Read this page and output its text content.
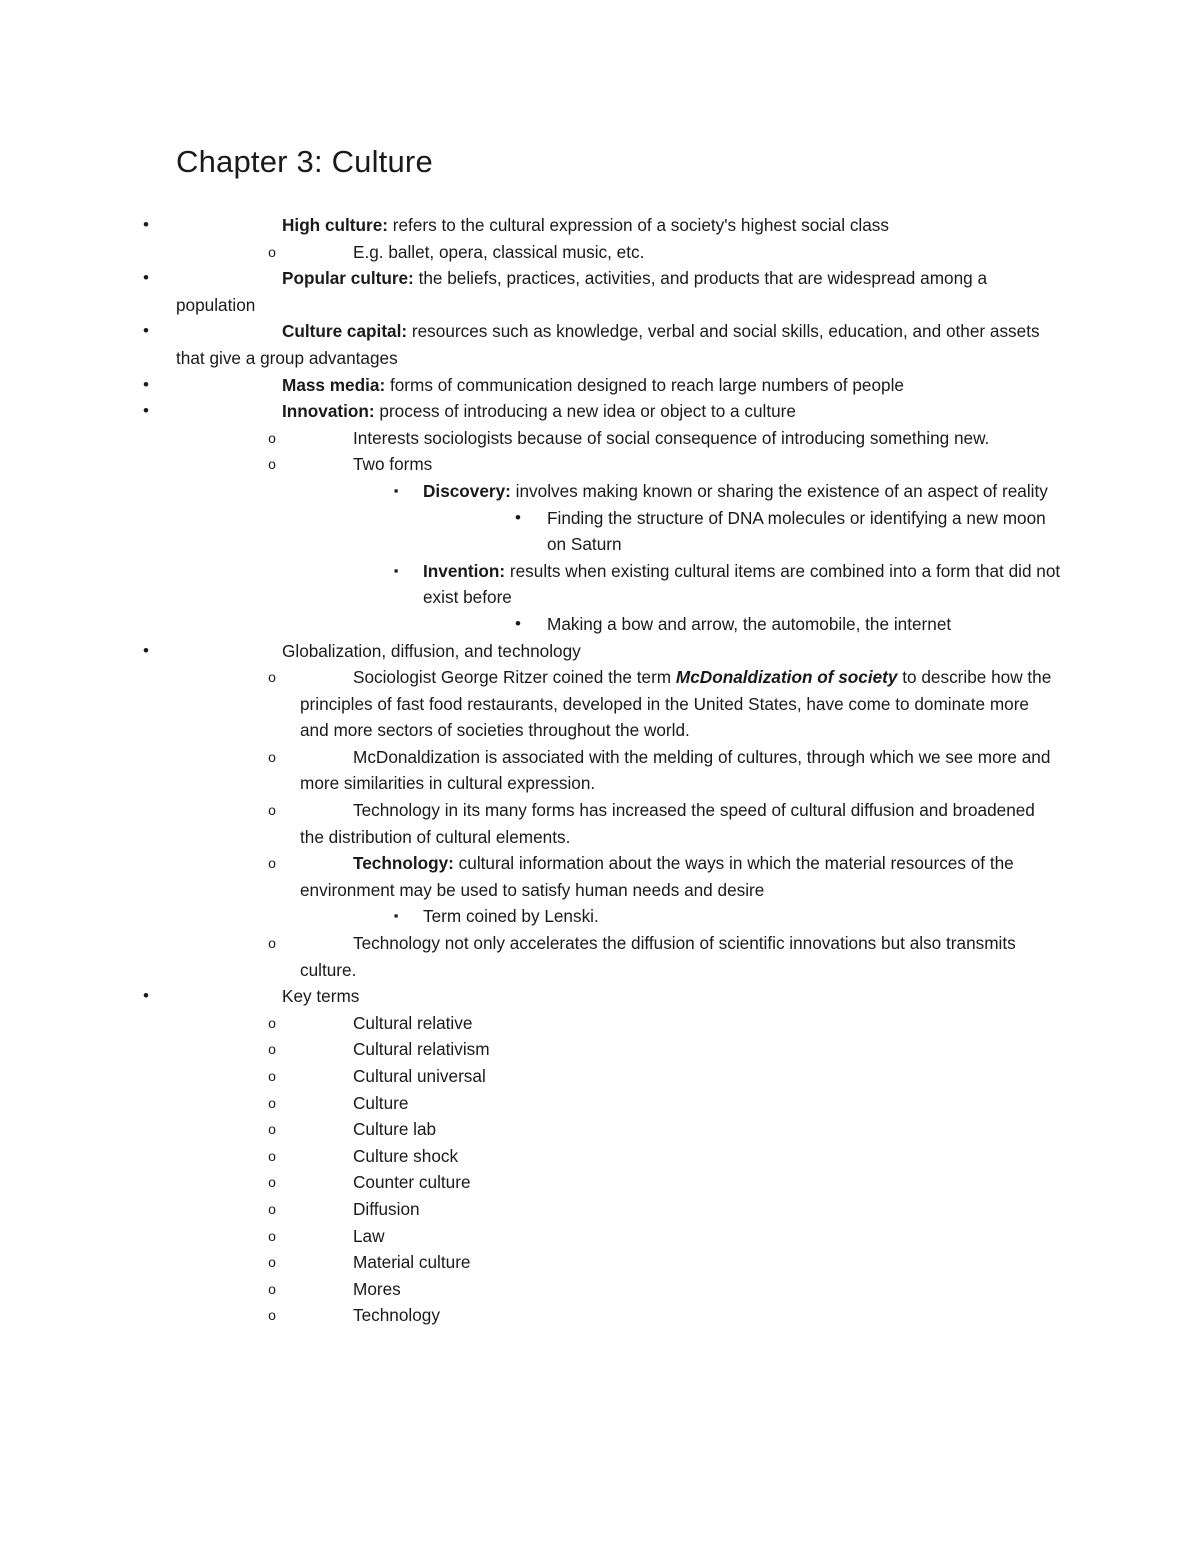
Chapter 3: Culture
•	High culture: refers to the cultural expression of a society's highest social class
o	E.g. ballet, opera, classical music, etc.
•	Popular culture: the beliefs, practices, activities, and products that are widespread among a population
•	Culture capital: resources such as knowledge, verbal and social skills, education, and other assets that give a group advantages
•	Mass media: forms of communication designed to reach large numbers of people
•	Innovation: process of introducing a new idea or object to a culture
o	Interests sociologists because of social consequence of introducing something new.
o	Two forms
▪	Discovery: involves making known or sharing the existence of an aspect of reality
•	Finding the structure of DNA molecules or identifying a new moon on Saturn
▪	Invention: results when existing cultural items are combined into a form that did not exist before
•	Making a bow and arrow, the automobile, the internet
•	Globalization, diffusion, and technology
o	Sociologist George Ritzer coined the term McDonaldization of society to describe how the principles of fast food restaurants, developed in the United States, have come to dominate more and more sectors of societies throughout the world.
o	McDonaldization is associated with the melding of cultures, through which we see more and more similarities in cultural expression.
o	Technology in its many forms has increased the speed of cultural diffusion and broadened the distribution of cultural elements.
o	Technology: cultural information about the ways in which the material resources of the environment may be used to satisfy human needs and desire
▪	Term coined by Lenski.
o	Technology not only accelerates the diffusion of scientific innovations but also transmits culture.
•	Key terms
o	Cultural relative
o	Cultural relativism
o	Cultural universal
o	Culture
o	Culture lab
o	Culture shock
o	Counter culture
o	Diffusion
o	Law
o	Material culture
o	Mores
o	Technology
